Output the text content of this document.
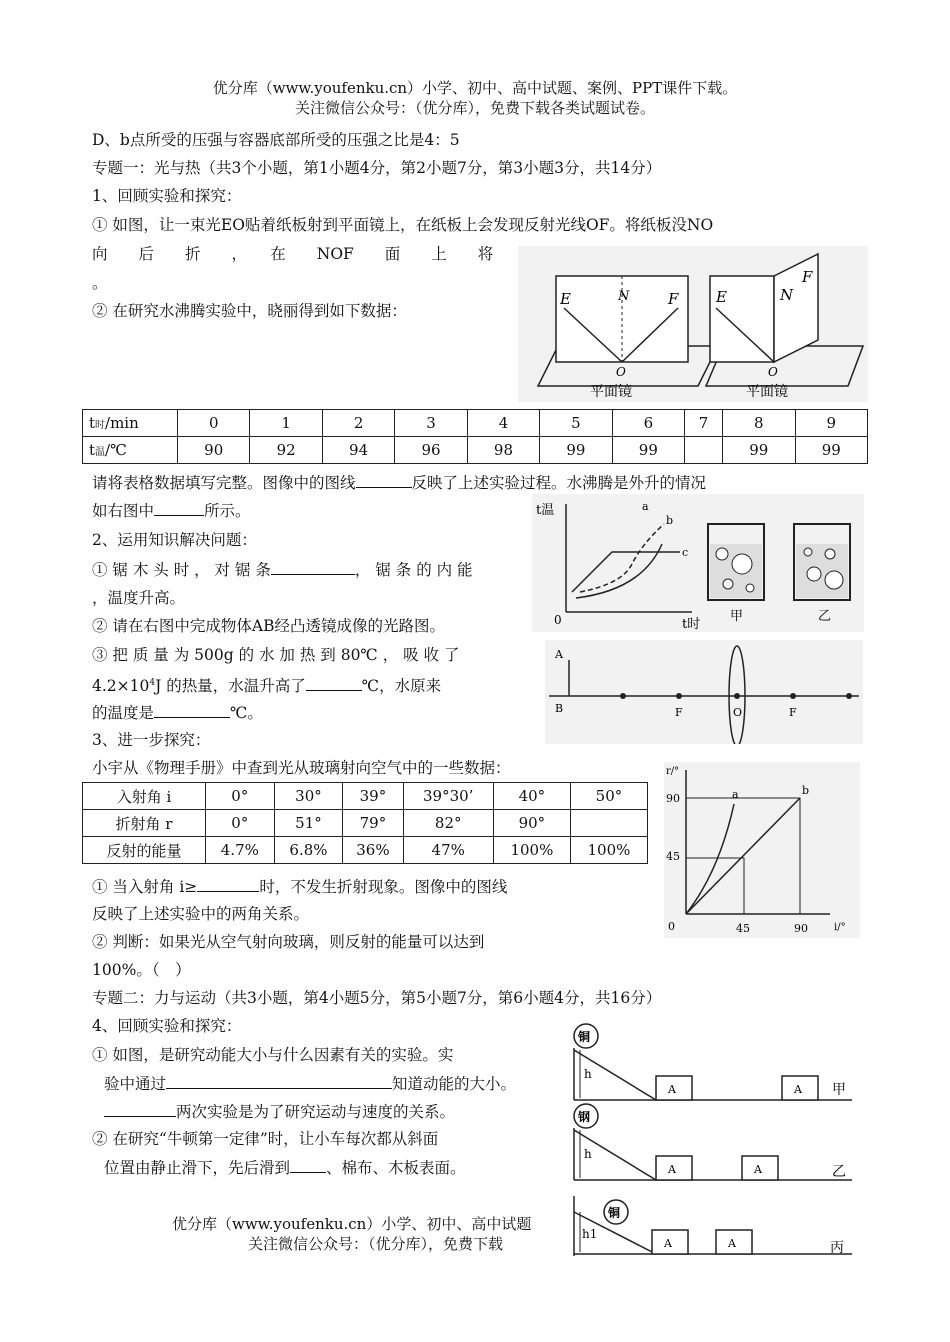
优分库（www.youfenku.cn）小学、初中、高中试题、案例、PPT课件下载。
关注微信公众号：（优分库），免费下载各类试题试卷。
D、b点所受的压强与容器底部所受的压强之比是4：5
专题一：光与热（共3个小题，第1小题4分，第2小题7分，第3小题3分，共14分）
1、回顾实验和探究：
① 如图，让一束光EO贴着纸板射到平面镜上，在纸板上会发现反射光线OF。将纸板没NO
向　　后　　折　　，　　在　　NOF　　面　　上　　将
。
② 在研究水沸腾实验中，晓丽得到如下数据：
E	N	F
O
平面镜
E	N
F
O
平面镜
t时/min	0	1	2	3	4	5	6	7	8	9
t温/℃	90	92	94	96	98	99	99		99	99
请将表格数据填写完整。图像中的图线	反映了上述实验过程。水沸腾是外升的情况
如右图中	所示。
2、运用知识解决问题：
① 锯 木 头 时 ， 对 锯 条	， 锯 条 的 内 能
，温度升高。
② 请在右图中完成物体AB经凸透镜成像的光路图。
③ 把 质 量 为 500g 的 水 加 热 到 80℃ ， 吸 收 了
$4.2\times 10^4J$ 的热量，水温升高了	℃，水原来
的温度是	℃。
3、进一步探究：
小宇从《物理手册》中查到光从玻璃射向空气中的一些数据：
t温
t时
0
a
b
c
甲	乙
A
B	F	O	F
入射角 i	0°	30°	39°	39°30’	40°	50°
折射角 r	0°	51°	79°	82°	90°	
反射的能量	4.7%	6.8%	36%	47%	100%	100%
① 当入射角 i≥	时，不发生折射现象。图像中的图线
反映了上述实验中的两角关系。
② 判断：如果光从空气射向玻璃，则反射的能量可以达到
100%。（　）
r/°
i/°
0
90
45
45	90
a	b
专题二：力与运动（共3小题，第4小题5分，第5小题7分，第6小题4分，共16分）
4、回顾实验和探究：
① 如图，是研究动能大小与什么因素有关的实验。实
验中通过	知道动能的大小。
两次实验是为了研究运动与速度的关系。
② 在研究“牛顿第一定律”时，让小车每次都从斜面
位置由静止滑下，先后滑到 、棉布、木板表面。
铜
h
A	A 甲
钢
h
A	A	乙
铜
h1
A	A	丙
优分库（www.youfenku.cn）小学、初中、高中试题
关注微信公众号：（优分库），免费下载
